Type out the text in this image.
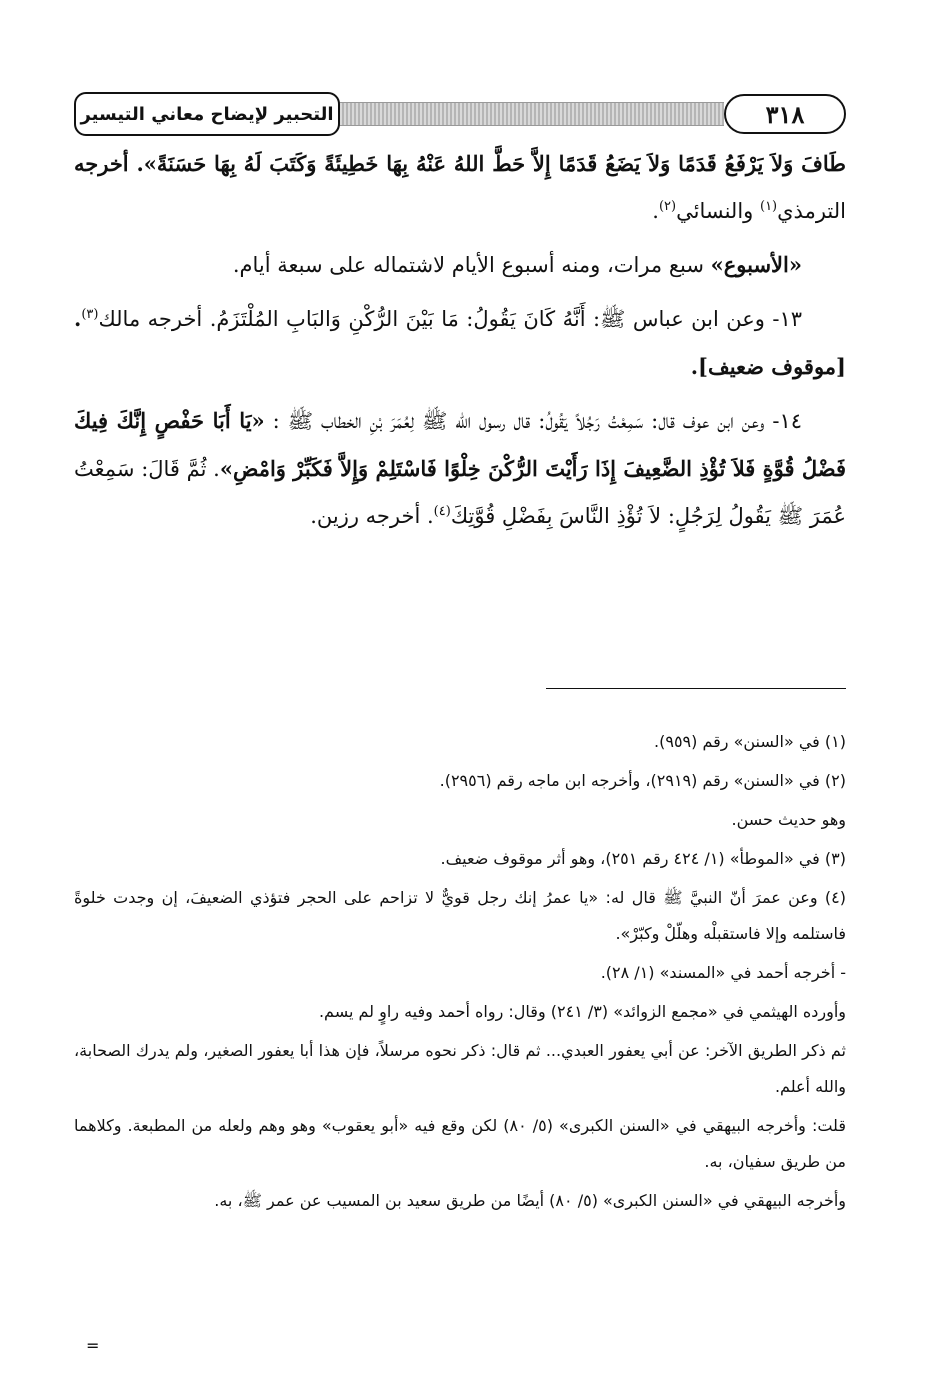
التحبير لإيضاح معاني التيسير	٣١٨

طَافَ وَلاَ يَرْفَعُ قَدَمًا وَلاَ يَضَعُ قَدَمًا إِلاَّ حَطَّ اللهُ عَنْهُ بِهَا خَطِيئَةً وَكَتَبَ لَهُ بِهَا حَسَنَةً». أخرجه الترمذي$^{(١)}$ والنسائي$^{(٢)}$.

«الأسبوع» سبع مرات، ومنه أسبوع الأيام لاشتماله على سبعة أيام.

١٣- وعن ابن عباس ﷺ: أَنَّهُ كَانَ يَقُولُ: مَا بَيْنَ الرُّكْنِ وَالبَابِ المُلْتَزَمُ. أخرجه مالك$^{(٣)}$. [موقوف ضعيف].

١٤- وعن ابن عوف قال: سَمِعْتُ رَجُلاً يَقُولُ: قال رسول الله ﷺ لِعُمَرَ بْنِ الخطاب ﷺ : «يَا أَبَا حَفْصٍ إِنَّكَ فِيكَ فَضْلُ قُوَّةٍ فَلاَ تُؤْذِ الضَّعِيفَ إِذَا رَأَيْتَ الرُّكْنَ خِلْوًا فَاسْتَلِمْ وَإِلاَّ فَكَبِّرْ وَامْضِ». ثُمَّ قَالَ: سَمِعْتُ عُمَرَ ﷺ يَقُولُ لِرَجُلٍ: لاَ تُؤْذِ النَّاسَ بِفَضْلِ قُوَّتِكَ$^{(٤)}$. أخرجه رزين.

(١) في «السنن» رقم (٩٥٩).

(٢) في «السنن» رقم (٢٩١٩)، وأخرجه ابن ماجه رقم (٢٩٥٦).

وهو حديث حسن.

(٣) في «الموطأ» (١/ ٤٢٤ رقم ٢٥١)، وهو أثر موقوف ضعيف.

(٤) وعن عمرَ أنّ النبيَّ ﷺ قال له: «يا عمرُ إنك رجل قويٌّ لا تزاحم على الحجر فتؤذي الضعيفَ، إن وجدت خلوةً فاستلمه وإلا فاستقبلْه وهلّلْ وكبّرْ».

- أخرجه أحمد في «المسند» (١/ ٢٨).

وأورده الهيثمي في «مجمع الزوائد» (٣/ ٢٤١) وقال: رواه أحمد وفيه راوٍ لم يسم.

ثم ذكر الطريق الآخر: عن أبي يعفور العبدي... ثم قال: ذكر نحوه مرسلاً، فإن هذا أبا يعفور الصغير، ولم يدرك الصحابة، والله أعلم.

قلت: وأخرجه البيهقي في «السنن الكبرى» (٥/ ٨٠) لكن وقع فيه «أبو يعقوب» وهو وهم ولعله من المطبعة. وكلاهما من طريق سفيان، به.

وأخرجه البيهقي في «السنن الكبرى» (٥/ ٨٠) أيضًا من طريق سعيد بن المسيب عن عمر ﷺ، به.

=
